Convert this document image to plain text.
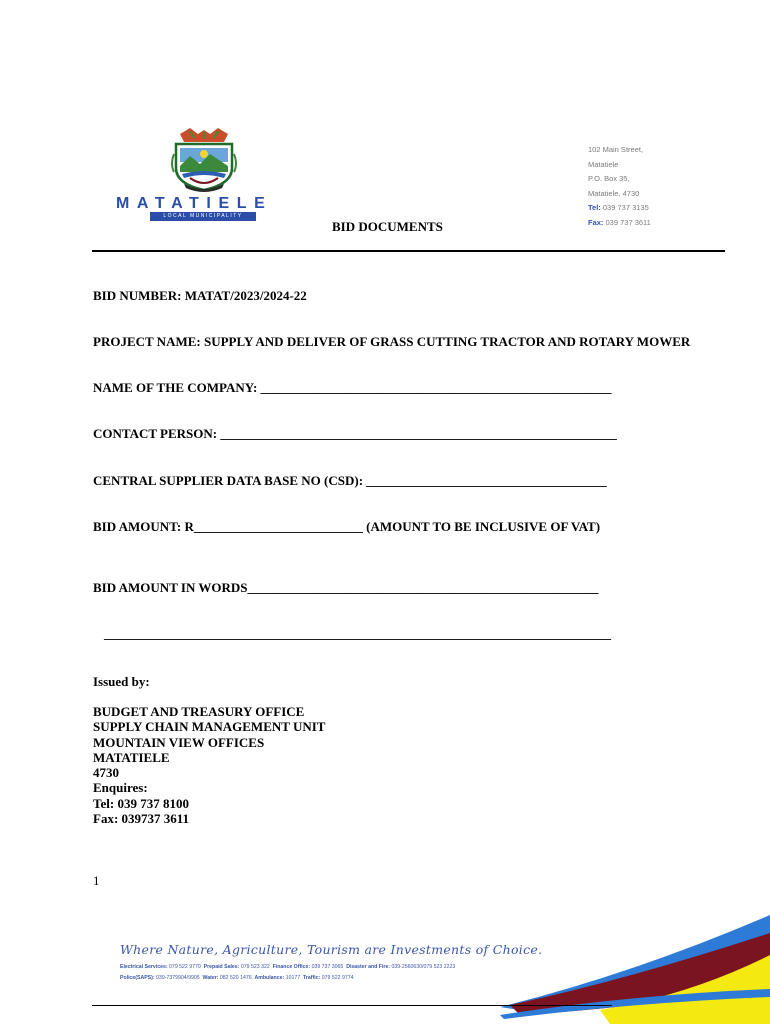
MATATIELE
LOCAL MUNICIPALITY
102 Main Street,
Matatiele
P.O. Box 35,
Matatiele, 4730
Tel: 039 737 3135
Fax: 039 737 3611
BID DOCUMENTS
BID NUMBER: MATAT/2023/2024-22
PROJECT NAME: SUPPLY AND DELIVER OF GRASS CUTTING TRACTOR AND ROTARY MOWER
NAME OF THE COMPANY: ______________________________________________________
CONTACT PERSON: _____________________________________________________________
CENTRAL SUPPLIER DATA BASE NO (CSD): _____________________________________
BID AMOUNT: R__________________________ (AMOUNT TO BE INCLUSIVE OF VAT)
BID AMOUNT IN WORDS______________________________________________________
______________________________________________________________________________
Issued by:
BUDGET AND TREASURY OFFICE
SUPPLY CHAIN MANAGEMENT UNIT
MOUNTAIN VIEW OFFICES
MATATIELE
4730
Enquires:
Tel: 039 737 8100
Fax: 039737 3611
1
Where Nature, Agriculture, Tourism are Investments of Choice.
Electrical Services: 079 522 9770 Prepaid Sales: 079 523 322 Finance Office: 039 737 3065 Disaster and Fire: 039-2560630/079 523 2223
Police(SAPS): 039-7379904/9905 Water: 082 520 1476 Ambulance: 10177 Traffic: 079 522 9774
